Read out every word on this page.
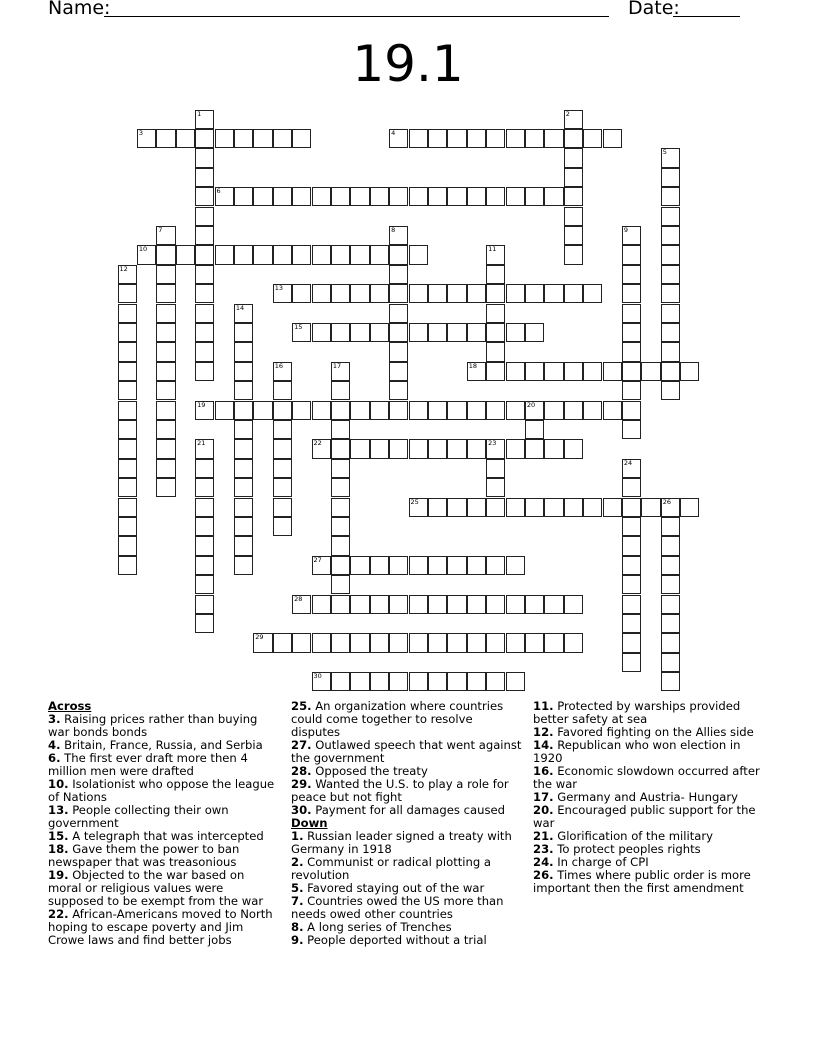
Name:	Date:
19.1
1	2
3	4
5
6
7	8	9
10	11
12
13
14
15
16	17	18
19	20
21	22	23
24
25	26
27
28
29
30
Across
3. Raising prices rather than buying war bonds bonds
4. Britain, France, Russia, and Serbia
6. The first ever draft more then 4 million men were drafted
10. Isolationist who oppose the league of Nations
13. People collecting their own government
15. A telegraph that was intercepted
18. Gave them the power to ban newspaper that was treasonious
19. Objected to the war based on moral or religious values were supposed to be exempt from the war
22. African-Americans moved to North hoping to escape poverty and Jim Crowe laws and find better jobs
25. An organization where countries could come together to resolve disputes
27. Outlawed speech that went against the government
28. Opposed the treaty
29. Wanted the U.S. to play a role for peace but not fight
30. Payment for all damages caused
Down
1. Russian leader signed a treaty with Germany in 1918
2. Communist or radical plotting a revolution
5. Favored staying out of the war
7. Countries owed the US more than needs owed other countries
8. A long series of Trenches
9. People deported without a trial
11. Protected by warships provided better safety at sea
12. Favored fighting on the Allies side
14. Republican who won election in 1920
16. Economic slowdown occurred after the war
17. Germany and Austria- Hungary
20. Encouraged public support for the war
21. Glorification of the military
23. To protect peoples rights
24. In charge of CPI
26. Times where public order is more important then the first amendment
